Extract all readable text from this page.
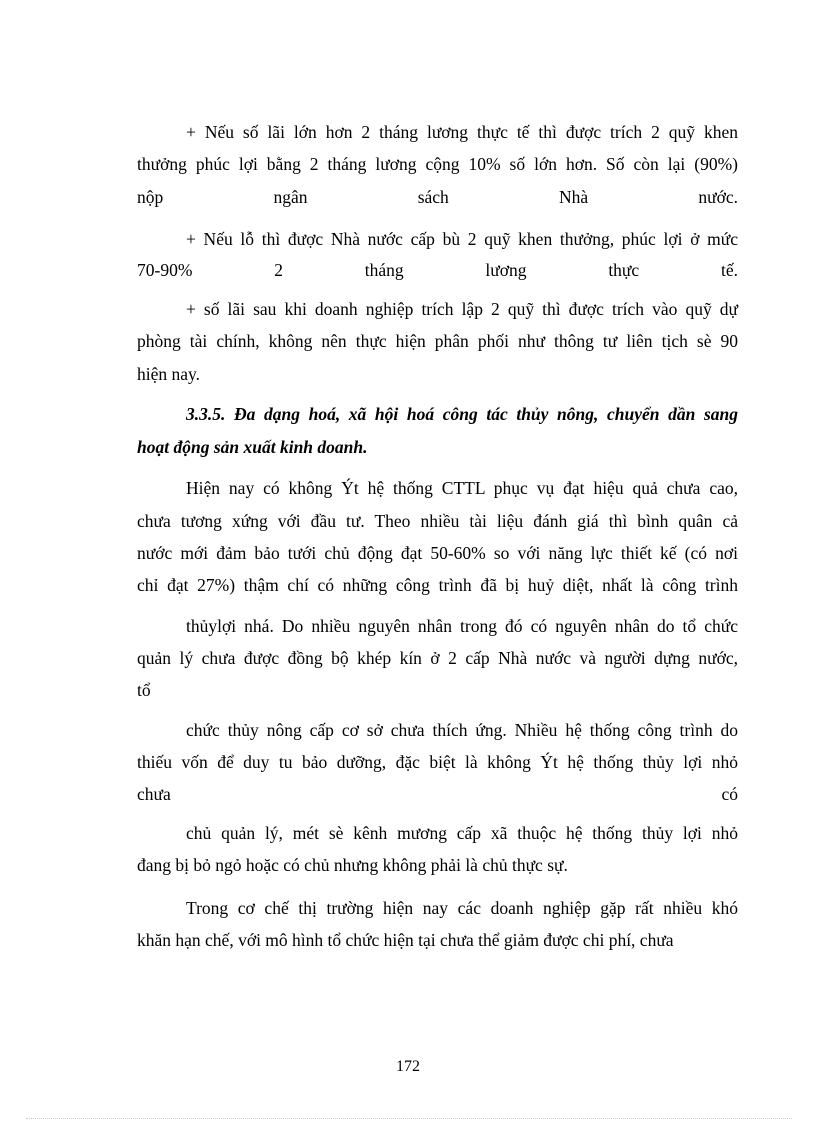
+ Nếu số lãi lớn hơn 2 tháng lương thực tế thì được trích 2 quỹ khen

thưởng phúc lợi bằng 2 tháng lương cộng 10% số lớn hơn. Số còn lại (90%)

nộp ngân sách Nhà nước.

+ Nếu lỗ thì được Nhà nước cấp bù 2 quỹ khen thưởng, phúc lợi ở mức

70-90% 2 tháng lương thực tế.

+ số lãi sau khi doanh nghiệp trích lập 2 quỹ thì được trích vào quỹ dự

phòng tài chính, không nên thực hiện phân phối như thông tư liên tịch sè 90

hiện nay.

3.3.5. Đa dạng hoá, xã hội hoá công tác thủy nông, chuyển dần sang

hoạt động sản xuất kinh doanh.

Hiện nay có không Ýt hệ thống CTTL phục vụ đạt hiệu quả chưa cao,

chưa tương xứng với đầu tư. Theo nhiều tài liệu đánh giá thì bình quân cả

nước mới đảm bảo tưới chủ động đạt 50-60% so với năng lực thiết kế (có nơi

chỉ đạt 27%) thậm chí có những công trình đã bị huỷ diệt, nhất là công trình

thủylợi nhá. Do nhiều nguyên nhân trong đó có nguyên nhân do tổ chức

quản lý chưa được đồng bộ khép kín ở 2 cấp Nhà nước và người dựng nước,

tổ

chức thủy nông cấp cơ sở chưa thích ứng. Nhiều hệ thống công trình do

thiếu vốn để duy tu bảo dưỡng, đặc biệt là không Ýt hệ thống thủy lợi nhỏ

chưa có

chủ quản lý, mét sè kênh mương cấp xã thuộc hệ thống thủy lợi nhỏ

đang bị bỏ ngỏ hoặc có chủ nhưng không phải là chủ thực sự.

Trong cơ chế thị trường hiện nay các doanh nghiệp gặp rất nhiều khó

khăn hạn chế, với mô hình tổ chức hiện tại chưa thể giảm được chi phí, chưa

172
